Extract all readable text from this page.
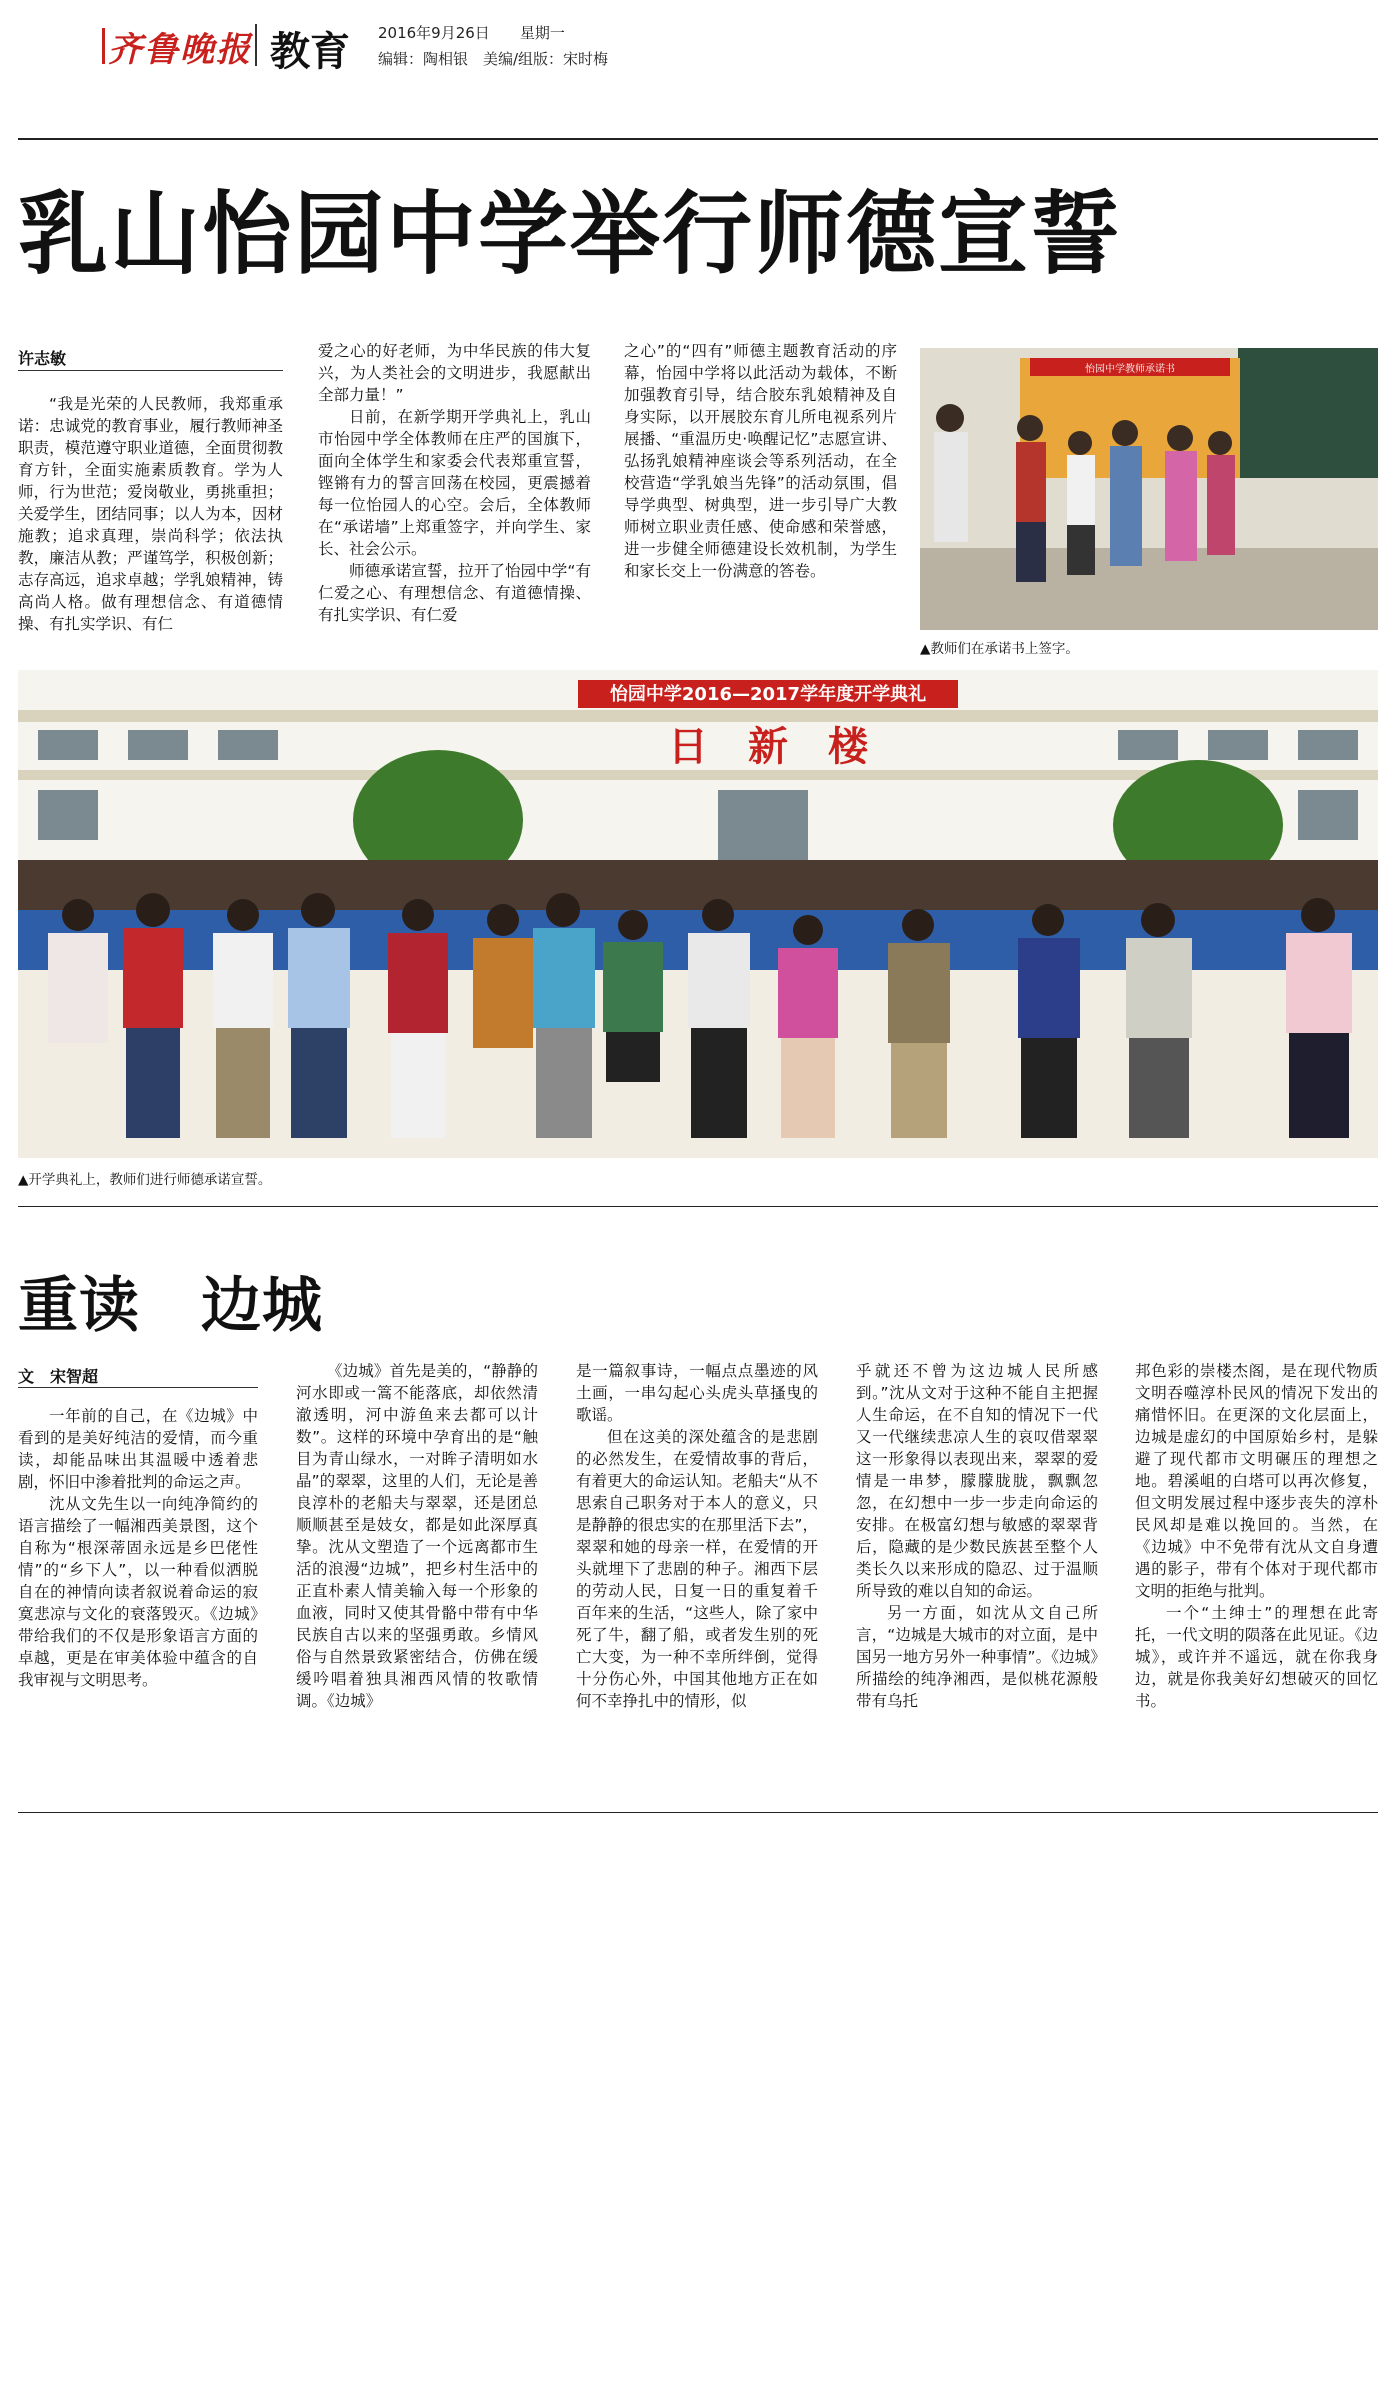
齐鲁晚报 教育 2016年9月26日　　 星期一
编辑：陶相银　美编/组版：宋时梅
乳山怡园中学举行师德宣誓
许志敏

“我是光荣的人民教师，我郑重承诺：忠诚党的教育事业，履行教师神圣职责，模范遵守职业道德，全面贯彻教育方针，全面实施素质教育。学为人师，行为世范；爱岗敬业，勇挑重担；关爱学生，团结同事；以人为本，因材施教；追求真理，崇尚科学；依法执教，廉洁从教；严谨笃学，积极创新；志存高远，追求卓越；学乳娘精神，铸高尚人格。做有理想信念、有道德情操、有扎实学识、有仁

爱之心的好老师，为中华民族的伟大复兴，为人类社会的文明进步，我愿献出全部力量！”

日前，在新学期开学典礼上，乳山市怡园中学全体教师在庄严的国旗下，面向全体学生和家委会代表郑重宣誓，铿锵有力的誓言回荡在校园，更震撼着每一位怡园人的心空。会后，全体教师在“承诺墙”上郑重签字，并向学生、家长、社会公示。

师德承诺宣誓，拉开了怡园中学“有仁爱之心、有理想信念、有道德情操、有扎实学识、有仁爱

之心”的“四有”师德主题教育活动的序幕，怡园中学将以此活动为载体，不断加强教育引导，结合胶东乳娘精神及自身实际，以开展胶东育儿所电视系列片展播、“重温历史·唤醒记忆”志愿宣讲、弘扬乳娘精神座谈会等系列活动，在全校营造“学乳娘当先锋”的活动氛围，倡导学典型、树典型，进一步引导广大教师树立职业责任感、使命感和荣誉感，进一步健全师德建设长效机制，为学生和家长交上一份满意的答卷。

怡园中学教师承诺书
▲教师们在承诺书上签字。
怡园中学2016—2017学年度开学典礼
日　新　楼
▲开学典礼上，教师们进行师德承诺宣誓。
重读　边城
文　宋智超

一年前的自己，在《边城》中看到的是美好纯洁的爱情，而今重读，却能品味出其温暖中透着悲剧，怀旧中渗着批判的命运之声。

沈从文先生以一向纯净简约的语言描绘了一幅湘西美景图，这个自称为“根深蒂固永远是乡巴佬性情”的“乡下人”，以一种看似洒脱自在的神情向读者叙说着命运的寂寞悲凉与文化的衰落毁灭。《边城》带给我们的不仅是形象语言方面的卓越，更是在审美体验中蕴含的自我审视与文明思考。

《边城》首先是美的，“静静的河水即或一篙不能落底，却依然清澈透明，河中游鱼来去都可以计数”。这样的环境中孕育出的是“触目为青山绿水，一对眸子清明如水晶”的翠翠，这里的人们，无论是善良淳朴的老船夫与翠翠，还是团总顺顺甚至是妓女，都是如此深厚真挚。沈从文塑造了一个远离都市生活的浪漫“边城”，把乡村生活中的正直朴素人情美输入每一个形象的血液，同时又使其骨骼中带有中华民族自古以来的坚强勇敢。乡情风俗与自然景致紧密结合，仿佛在缓缓吟唱着独具湘西风情的牧歌情调。《边城》

是一篇叙事诗，一幅点点墨迹的风土画，一串勾起心头虎头草搔曳的歌谣。

但在这美的深处蕴含的是悲剧的必然发生，在爱情故事的背后，有着更大的命运认知。老船夫“从不思索自己职务对于本人的意义，只是静静的很忠实的在那里活下去”，翠翠和她的母亲一样，在爱情的开头就埋下了悲剧的种子。湘西下层的劳动人民，日复一日的重复着千百年来的生活，“这些人，除了家中死了牛，翻了船，或者发生别的死亡大变，为一种不幸所绊倒，觉得十分伤心外，中国其他地方正在如何不幸挣扎中的情形，似

乎就还不曾为这边城人民所感到。”沈从文对于这种不能自主把握人生命运，在不自知的情况下一代又一代继续悲凉人生的哀叹借翠翠这一形象得以表现出来，翠翠的爱情是一串梦，朦朦胧胧，飘飘忽忽，在幻想中一步一步走向命运的安排。在极富幻想与敏感的翠翠背后，隐藏的是少数民族甚至整个人类长久以来形成的隐忍、过于温顺所导致的难以自知的命运。

另一方面，如沈从文自己所言，“边城是大城市的对立面，是中国另一地方另外一种事情”。《边城》所描绘的纯净湘西，是似桃花源般带有乌托

邦色彩的崇楼杰阁，是在现代物质文明吞噬淳朴民风的情况下发出的痛惜怀旧。在更深的文化层面上，边城是虚幻的中国原始乡村，是躲避了现代都市文明碾压的理想之地。碧溪岨的白塔可以再次修复，但文明发展过程中逐步丧失的淳朴民风却是难以挽回的。当然，在《边城》中不免带有沈从文自身遭遇的影子，带有个体对于现代都市文明的拒绝与批判。

一个“土绅士”的理想在此寄托，一代文明的陨落在此见证。《边城》，或许并不遥远，就在你我身边，就是你我美好幻想破灭的回忆书。
